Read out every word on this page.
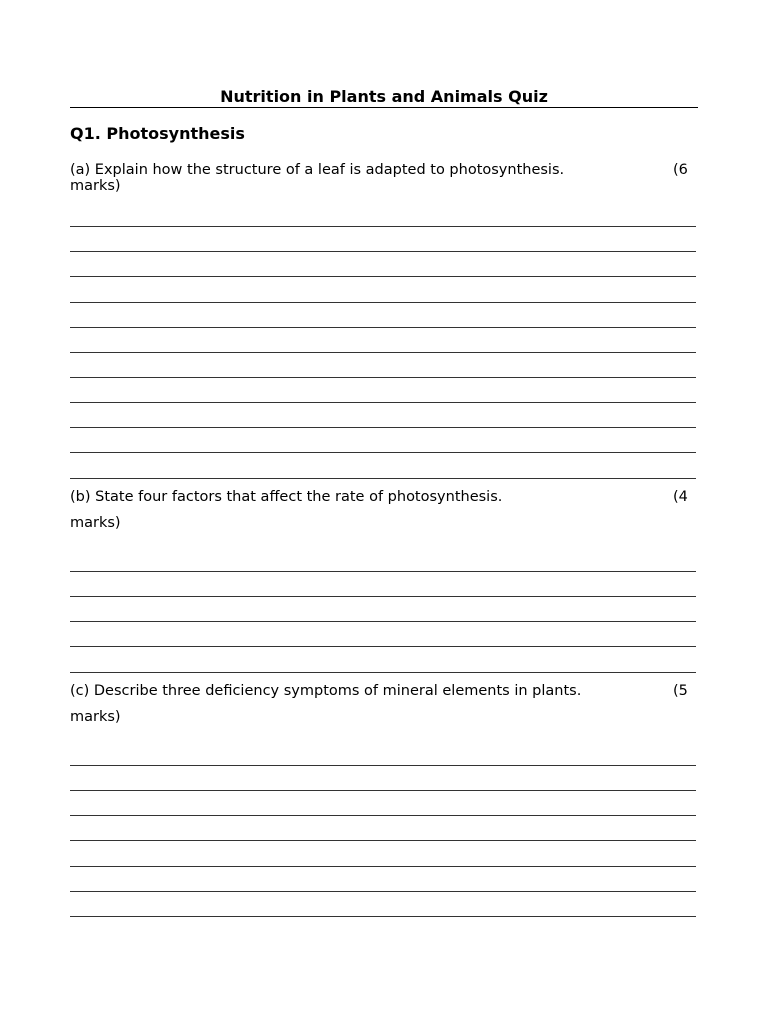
Nutrition in Plants and Animals Quiz
Q1. Photosynthesis
(a) Explain how the structure of a leaf is adapted to photosynthesis.	(6
marks)
(b) State four factors that affect the rate of photosynthesis.	(4
marks)
(c) Describe three deficiency symptoms of mineral elements in plants.	(5
marks)
